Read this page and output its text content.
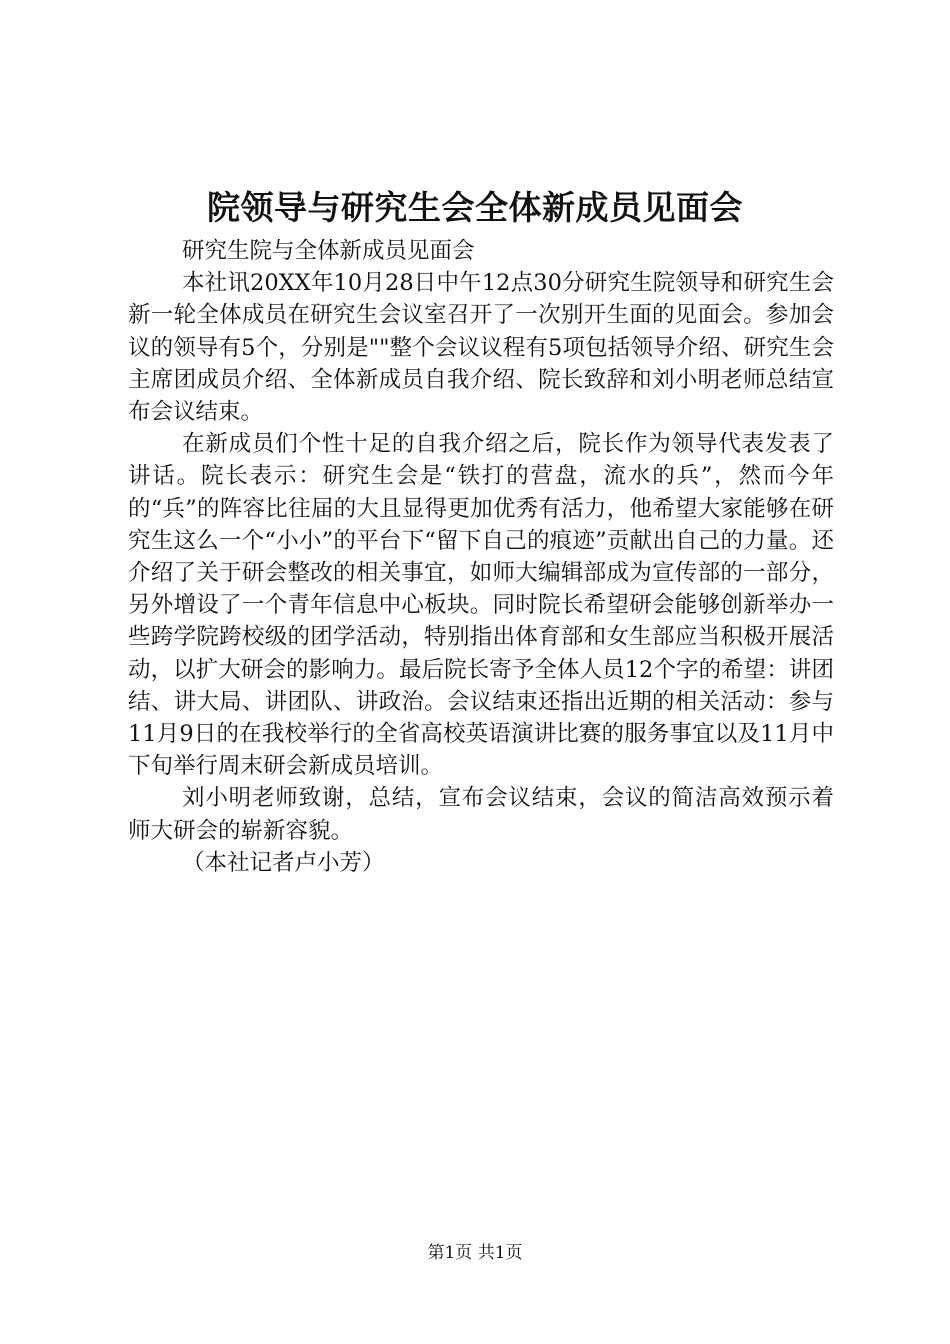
院领导与研究生会全体新成员见面会

研究生院与全体新成员见面会

本社讯20XX年10月28日中午12点30分研究生院领导和研究生会新一轮全体成员在研究生会议室召开了一次别开生面的见面会。参加会议的领导有5个，分别是""整个会议议程有5项包括领导介绍、研究生会主席团成员介绍、全体新成员自我介绍、院长致辞和刘小明老师总结宣布会议结束。

在新成员们个性十足的自我介绍之后，院长作为领导代表发表了讲话。院长表示：研究生会是“铁打的营盘，流水的兵”，然而今年的“兵”的阵容比往届的大且显得更加优秀有活力，他希望大家能够在研究生这么一个“小小”的平台下“留下自己的痕迹”贡献出自己的力量。还介绍了关于研会整改的相关事宜，如师大编辑部成为宣传部的一部分，另外增设了一个青年信息中心板块。同时院长希望研会能够创新举办一些跨学院跨校级的团学活动，特别指出体育部和女生部应当积极开展活动，以扩大研会的影响力。最后院长寄予全体人员12个字的希望：讲团结、讲大局、讲团队、讲政治。会议结束还指出近期的相关活动：参与11月9日的在我校举行的全省高校英语演讲比赛的服务事宜以及11月中下旬举行周末研会新成员培训。

刘小明老师致谢，总结，宣布会议结束，会议的简洁高效预示着师大研会的崭新容貌。

（本社记者卢小芳）

第1页 共1页
